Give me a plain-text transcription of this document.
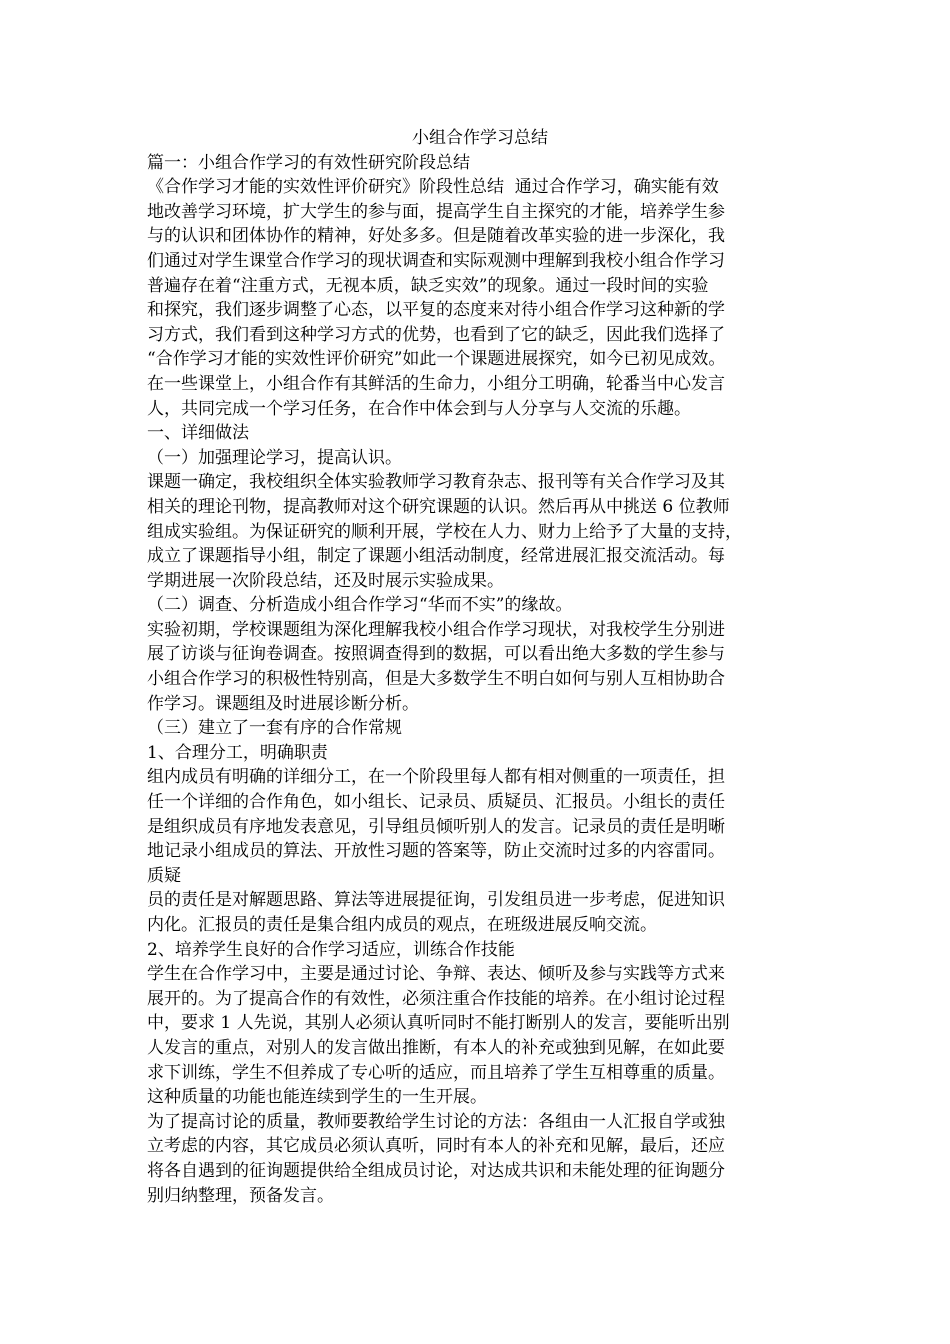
小组合作学习总结

篇一：小组合作学习的有效性研究阶段总结

《合作学习才能的实效性评价研究》阶段性总结  通过合作学习，确实能有效

地改善学习环境，扩大学生的参与面，提高学生自主探究的才能，培养学生参

与的认识和团体协作的精神，好处多多。但是随着改革实验的进一步深化，我

们通过对学生课堂合作学习的现状调查和实际观测中理解到我校小组合作学习

普遍存在着“注重方式，无视本质，缺乏实效”的现象。通过一段时间的实验

和探究，我们逐步调整了心态，以平复的态度来对待小组合作学习这种新的学

习方式，我们看到这种学习方式的优势，也看到了它的缺乏，因此我们选择了

“合作学习才能的实效性评价研究”如此一个课题进展探究，如今已初见成效。

在一些课堂上，小组合作有其鲜活的生命力，小组分工明确，轮番当中心发言

人，共同完成一个学习任务，在合作中体会到与人分享与人交流的乐趣。

一、详细做法

（一）加强理论学习，提高认识。

课题一确定，我校组织全体实验教师学习教育杂志、报刊等有关合作学习及其

相关的理论刊物，提高教师对这个研究课题的认识。然后再从中挑送 6 位教师

组成实验组。为保证研究的顺利开展，学校在人力、财力上给予了大量的支持，

成立了课题指导小组，制定了课题小组活动制度，经常进展汇报交流活动。每

学期进展一次阶段总结，还及时展示实验成果。

（二）调查、分析造成小组合作学习“华而不实”的缘故。

实验初期，学校课题组为深化理解我校小组合作学习现状，对我校学生分别进

展了访谈与征询卷调查。按照调查得到的数据，可以看出绝大多数的学生参与

小组合作学习的积极性特别高，但是大多数学生不明白如何与别人互相协助合

作学习。课题组及时进展诊断分析。

（三）建立了一套有序的合作常规

1、合理分工，明确职责

组内成员有明确的详细分工，在一个阶段里每人都有相对侧重的一项责任，担

任一个详细的合作角色，如小组长、记录员、质疑员、汇报员。小组长的责任

是组织成员有序地发表意见，引导组员倾听别人的发言。记录员的责任是明晰

地记录小组成员的算法、开放性习题的答案等，防止交流时过多的内容雷同。

质疑

员的责任是对解题思路、算法等进展提征询，引发组员进一步考虑，促进知识

内化。汇报员的责任是集合组内成员的观点，在班级进展反响交流。

2、培养学生良好的合作学习适应，训练合作技能

学生在合作学习中，主要是通过讨论、争辩、表达、倾听及参与实践等方式来

展开的。为了提高合作的有效性，必须注重合作技能的培养。在小组讨论过程

中，要求 1 人先说，其别人必须认真听同时不能打断别人的发言，要能听出别

人发言的重点，对别人的发言做出推断，有本人的补充或独到见解，在如此要

求下训练，学生不但养成了专心听的适应，而且培养了学生互相尊重的质量。

这种质量的功能也能连续到学生的一生开展。

为了提高讨论的质量，教师要教给学生讨论的方法：各组由一人汇报自学或独

立考虑的内容，其它成员必须认真听，同时有本人的补充和见解，最后，还应

将各自遇到的征询题提供给全组成员讨论，对达成共识和未能处理的征询题分

别归纳整理，预备发言。
